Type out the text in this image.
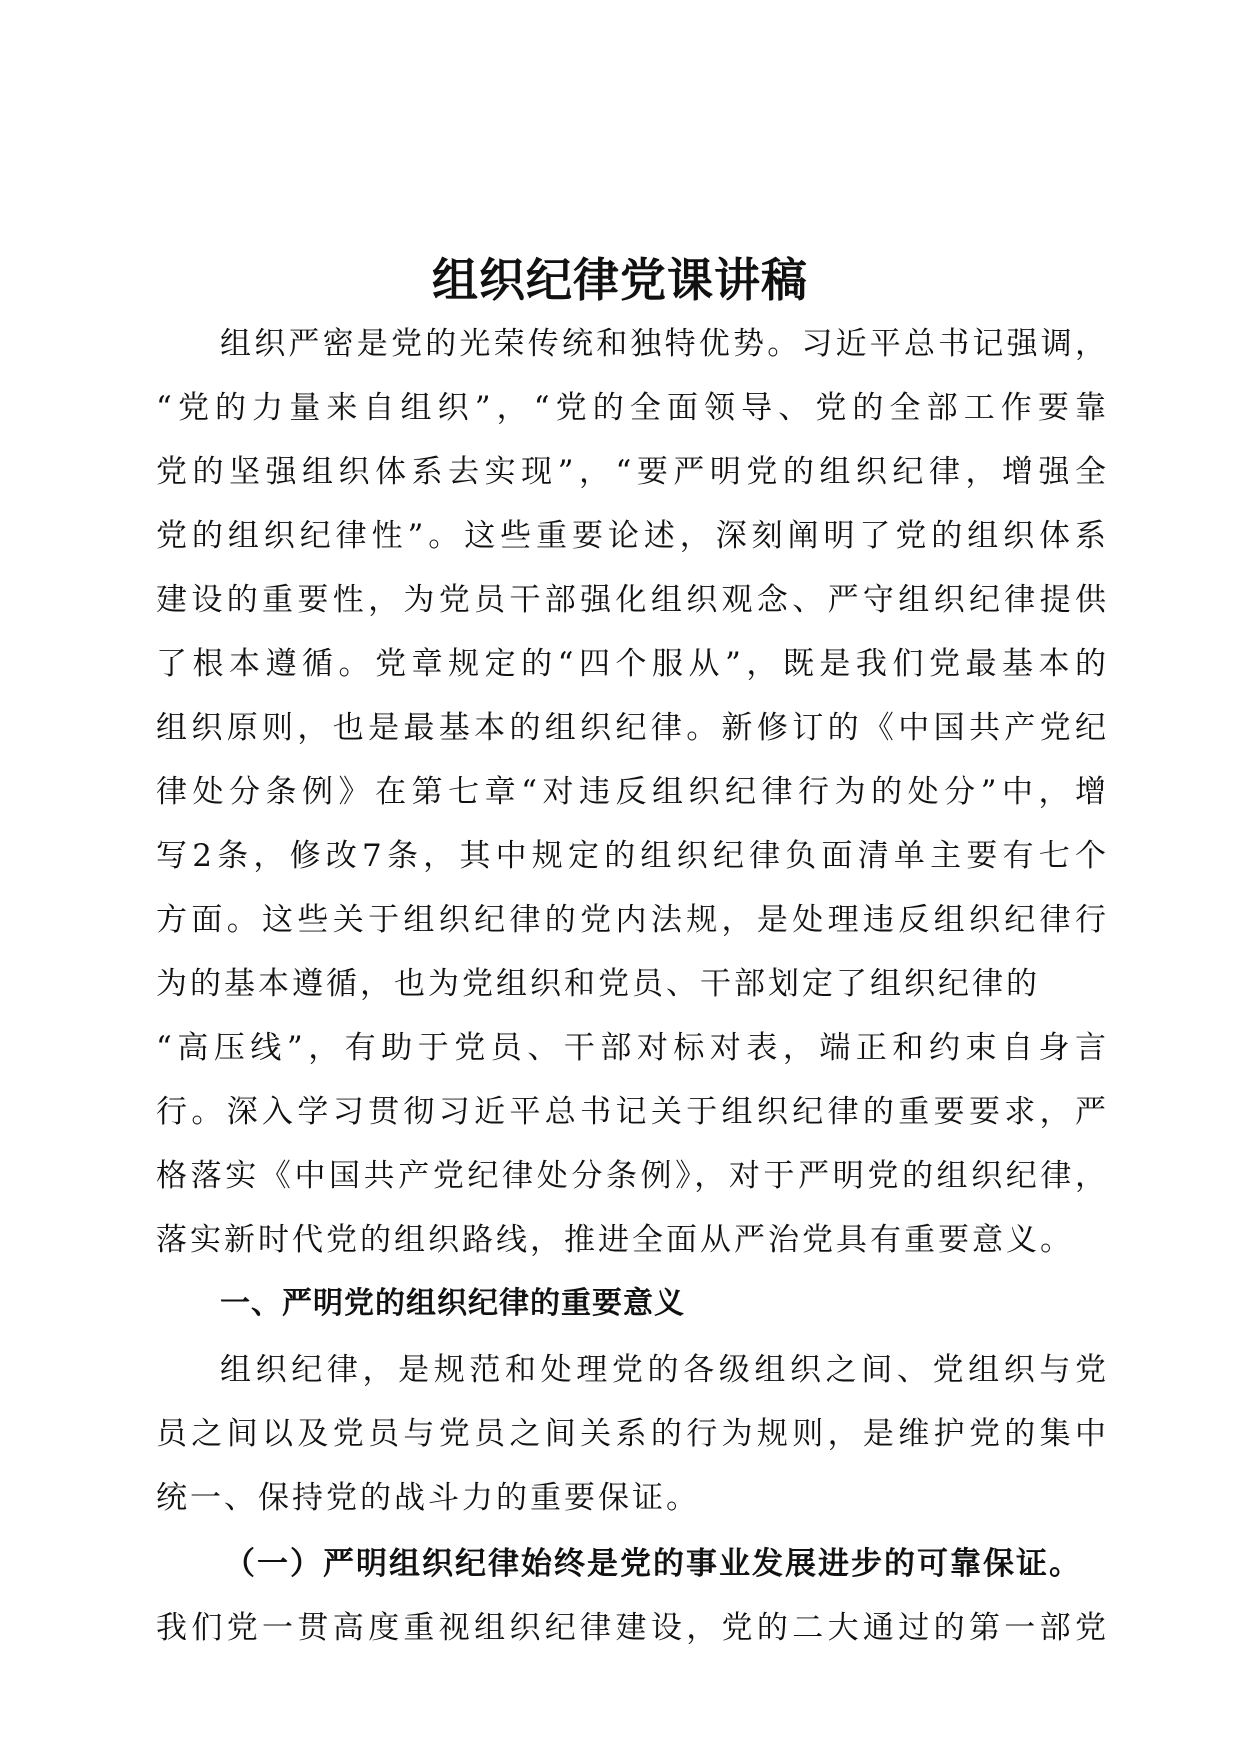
组织纪律党课讲稿

组织严密是党的光荣传统和独特优势。习近平总书记强调，

“党的力量来自组织”，“党的全面领导、党的全部工作要靠

党的坚强组织体系去实现”，“要严明党的组织纪律，增强全

党的组织纪律性”。这些重要论述，深刻阐明了党的组织体系

建设的重要性，为党员干部强化组织观念、严守组织纪律提供

了根本遵循。党章规定的“四个服从”，既是我们党最基本的

组织原则，也是最基本的组织纪律。新修订的《中国共产党纪

律处分条例》在第七章“对违反组织纪律行为的处分”中，增

写2条，修改7条，其中规定的组织纪律负面清单主要有七个

方面。这些关于组织纪律的党内法规，是处理违反组织纪律行

为的基本遵循，也为党组织和党员、干部划定了组织纪律的

“高压线”，有助于党员、干部对标对表，端正和约束自身言

行。深入学习贯彻习近平总书记关于组织纪律的重要要求，严

格落实《中国共产党纪律处分条例》，对于严明党的组织纪律，

落实新时代党的组织路线，推进全面从严治党具有重要意义。

一、严明党的组织纪律的重要意义

组织纪律，是规范和处理党的各级组织之间、党组织与党

员之间以及党员与党员之间关系的行为规则，是维护党的集中

统一、保持党的战斗力的重要保证。

（一）严明组织纪律始终是党的事业发展进步的可靠保证。

我们党一贯高度重视组织纪律建设，党的二大通过的第一部党
